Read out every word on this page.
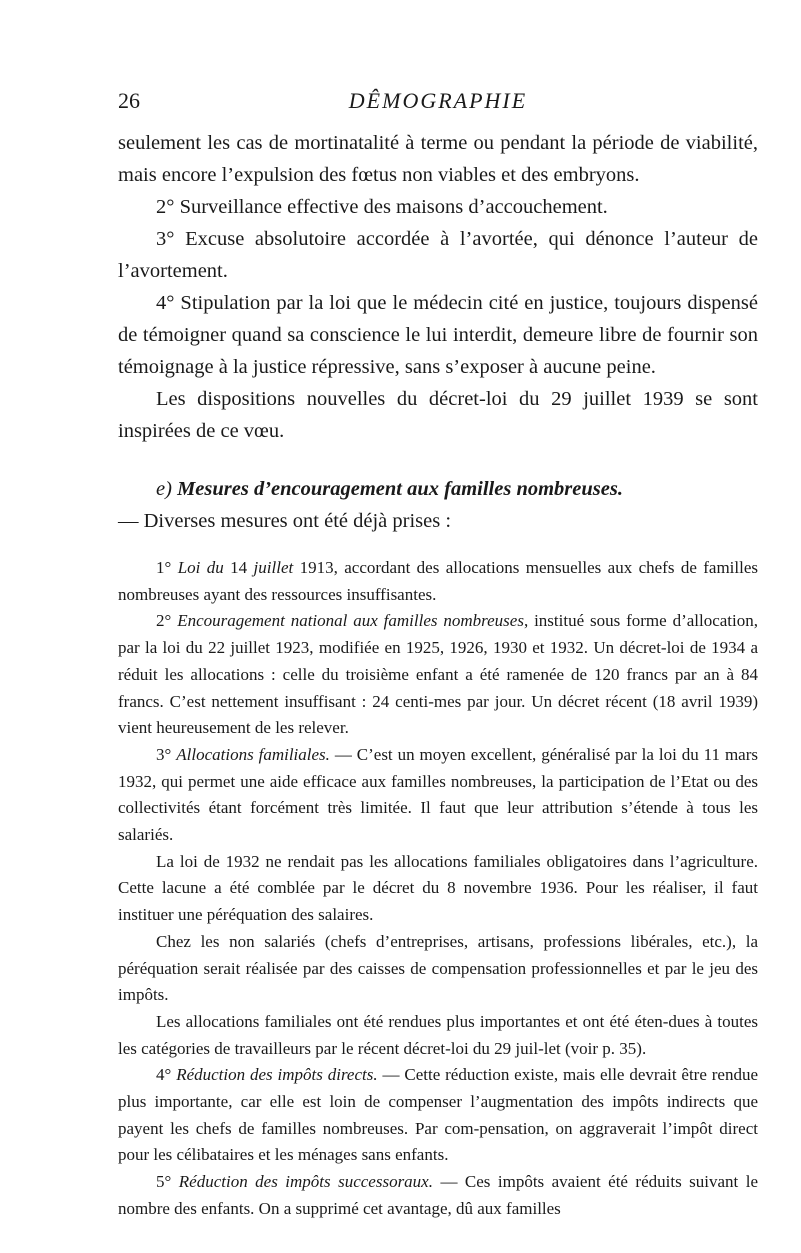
26	DÊMOGRAPHIE

seulement les cas de mortinatalité à terme ou pendant la période de viabilité, mais encore l’expulsion des fœtus non viables et des embryons.

2° Surveillance effective des maisons d’accouchement.

3° Excuse absolutoire accordée à l’avortée, qui dénonce l’auteur de l’avortement.

4° Stipulation par la loi que le médecin cité en justice, toujours dispensé de témoigner quand sa conscience le lui interdit, demeure libre de fournir son témoignage à la justice répressive, sans s’exposer à aucune peine.

Les dispositions nouvelles du décret-loi du 29 juillet 1939 se sont inspirées de ce vœu.

e) Mesures d’encouragement aux familles nombreuses.

— Diverses mesures ont été déjà prises :

1° Loi du 14 juillet 1913, accordant des allocations mensuelles aux chefs de familles nombreuses ayant des ressources insuffisantes.

2° Encouragement national aux familles nombreuses, institué sous forme d’allocation, par la loi du 22 juillet 1923, modifiée en 1925, 1926, 1930 et 1932. Un décret-loi de 1934 a réduit les allocations : celle du troisième enfant a été ramenée de 120 francs par an à 84 francs. C’est nettement insuffisant : 24 centi-mes par jour. Un décret récent (18 avril 1939) vient heureusement de les relever.

3° Allocations familiales. — C’est un moyen excellent, généralisé par la loi du 11 mars 1932, qui permet une aide efficace aux familles nombreuses, la participation de l’Etat ou des collectivités étant forcément très limitée. Il faut que leur attribution s’étende à tous les salariés.

La loi de 1932 ne rendait pas les allocations familiales obligatoires dans l’agriculture. Cette lacune a été comblée par le décret du 8 novembre 1936. Pour les réaliser, il faut instituer une péréquation des salaires.

Chez les non salariés (chefs d’entreprises, artisans, professions libérales, etc.), la péréquation serait réalisée par des caisses de compensation professionnelles et par le jeu des impôts.

Les allocations familiales ont été rendues plus importantes et ont été éten-dues à toutes les catégories de travailleurs par le récent décret-loi du 29 juil-let (voir p. 35).

4° Réduction des impôts directs. — Cette réduction existe, mais elle devrait être rendue plus importante, car elle est loin de compenser l’augmentation des impôts indirects que payent les chefs de familles nombreuses. Par com-pensation, on aggraverait l’impôt direct pour les célibataires et les ménages sans enfants.

5° Réduction des impôts successoraux. — Ces impôts avaient été réduits suivant le nombre des enfants. On a supprimé cet avantage, dû aux familles
